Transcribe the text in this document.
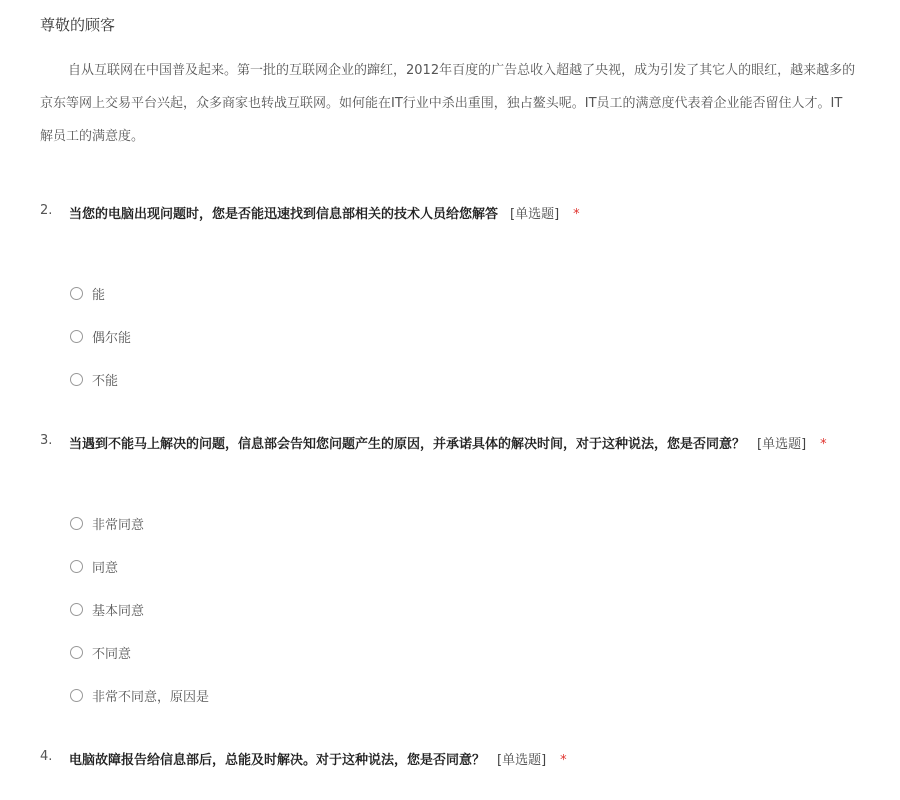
尊敬的顾客
自从互联网在中国普及起来。第一批的互联网企业的蹿红，2012年百度的广告总收入超越了央视，成为引发了其它人的眼红，越来越多的
京东等网上交易平台兴起，众多商家也转战互联网。如何能在IT行业中杀出重围，独占鳌头呢。IT员工的满意度代表着企业能否留住人才。IT
解员工的满意度。
2. 当您的电脑出现问题时，您是否能迅速找到信息部相关的技术人员给您解答 [单选题] *
能
偶尔能
不能
3. 当遇到不能马上解决的问题，信息部会告知您问题产生的原因，并承诺具体的解决时间，对于这种说法，您是否同意？ [单选题] *
非常同意
同意
基本同意
不同意
非常不同意，原因是
4. 电脑故障报告给信息部后，总能及时解决。对于这种说法，您是否同意？ [单选题] *
